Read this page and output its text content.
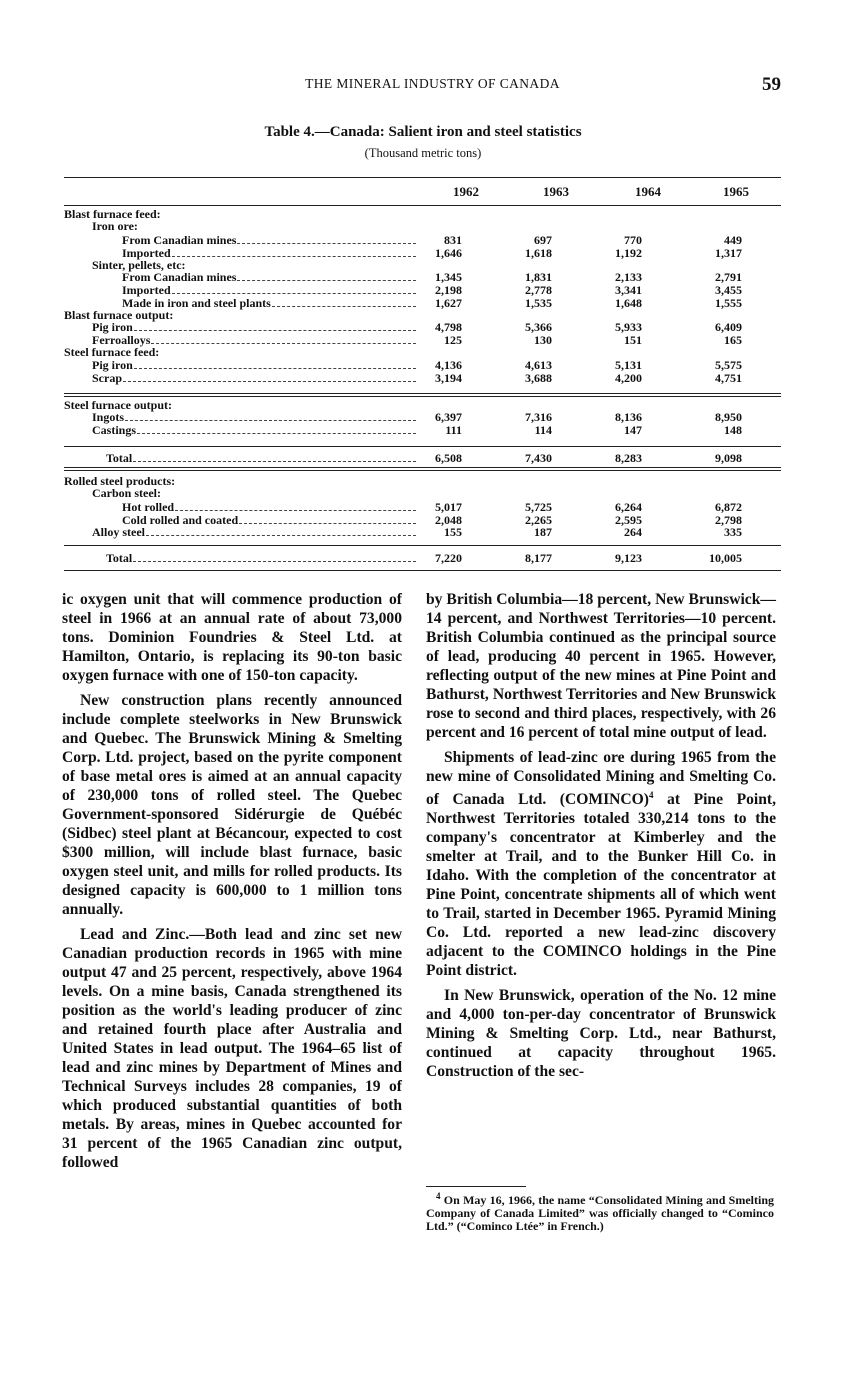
THE MINERAL INDUSTRY OF CANADA	59
Table 4.—Canada: Salient iron and steel statistics
(Thousand metric tons)
1962	1963	1964	1965
Blast furnace feed:
Iron ore:
From Canadian mines	831	697	770	449
Imported	1,646	1,618	1,192	1,317
Sinter, pellets, etc:
From Canadian mines	1,345	1,831	2,133	2,791
Imported	2,198	2,778	3,341	3,455
Made in iron and steel plants	1,627	1,535	1,648	1,555
Blast furnace output:
Pig iron	4,798	5,366	5,933	6,409
Ferroalloys	125	130	151	165
Steel furnace feed:
Pig iron	4,136	4,613	5,131	5,575
Scrap	3,194	3,688	4,200	4,751
Steel furnace output:
Ingots	6,397	7,316	8,136	8,950
Castings	111	114	147	148
Total	6,508	7,430	8,283	9,098
Rolled steel products:
Carbon steel:
Hot rolled	5,017	5,725	6,264	6,872
Cold rolled and coated	2,048	2,265	2,595	2,798
Alloy steel	155	187	264	335
Total	7,220	8,177	9,123	10,005

ic oxygen unit that will commence production of steel in 1966 at an annual rate of about 73,000 tons. Dominion Foundries & Steel Ltd. at Hamilton, Ontario, is replacing its 90-ton basic oxygen furnace with one of 150-ton capacity.

New construction plans recently announced include complete steelworks in New Brunswick and Quebec. The Brunswick Mining & Smelting Corp. Ltd. project, based on the pyrite component of base metal ores is aimed at an annual capacity of 230,000 tons of rolled steel. The Quebec Government-sponsored Sidérurgie de Québéc (Sidbec) steel plant at Bécancour, expected to cost $300 million, will include blast furnace, basic oxygen steel unit, and mills for rolled products. Its designed capacity is 600,000 to 1 million tons annually.

Lead and Zinc.—Both lead and zinc set new Canadian production records in 1965 with mine output 47 and 25 percent, respectively, above 1964 levels. On a mine basis, Canada strengthened its position as the world's leading producer of zinc and retained fourth place after Australia and United States in lead output. The 1964–65 list of lead and zinc mines by Department of Mines and Technical Surveys includes 28 companies, 19 of which produced substantial quantities of both metals. By areas, mines in Quebec accounted for 31 percent of the 1965 Canadian zinc output, followed

by British Columbia—18 percent, New Brunswick—14 percent, and Northwest Territories—10 percent. British Columbia continued as the principal source of lead, producing 40 percent in 1965. However, reflecting output of the new mines at Pine Point and Bathurst, Northwest Territories and New Brunswick rose to second and third places, respectively, with 26 percent and 16 percent of total mine output of lead.

Shipments of lead-zinc ore during 1965 from the new mine of Consolidated Mining and Smelting Co. of Canada Ltd. (COMINCO)$^4$ at Pine Point, Northwest Territories totaled 330,214 tons to the company's concentrator at Kimberley and the smelter at Trail, and to the Bunker Hill Co. in Idaho. With the completion of the concentrator at Pine Point, concentrate shipments all of which went to Trail, started in December 1965. Pyramid Mining Co. Ltd. reported a new lead-zinc discovery adjacent to the COMINCO holdings in the Pine Point district.

In New Brunswick, operation of the No. 12 mine and 4,000 ton-per-day concentrator of Brunswick Mining & Smelting Corp. Ltd., near Bathurst, continued at capacity throughout 1965. Construction of the sec-

$^4$ On May 16, 1966, the name “Consolidated Mining and Smelting Company of Canada Limited” was officially changed to “Cominco Ltd.” (“Cominco Ltée” in French.)
